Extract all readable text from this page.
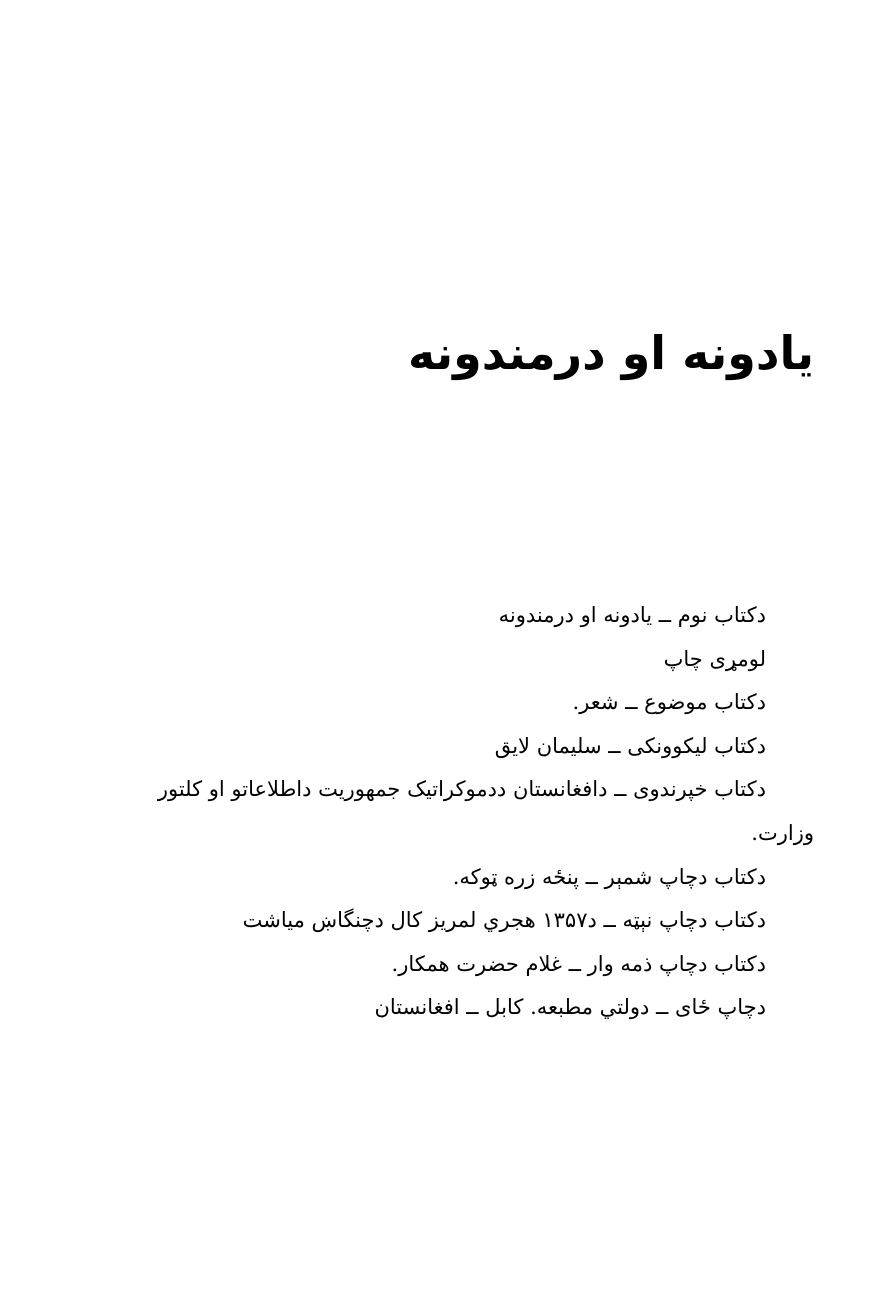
یادونه او درمندونه
دکتاب نوم ــ یادونه او درمندونه
لومړی چاپ
دکتاب موضوع ــ شعر.
دکتاب لیکوونکی ــ سلیمان لایق
دکتاب خپرندوی ــ دافغانستان ددموکراتیک جمهوریت داطلاعاتو او کلتور
وزارت.
دکتاب دچاپ شمېر ــ پنځه زره ټوکه.
دکتاب دچاپ نېټه ــ د۱۳۵۷ هجري لمریز کال دچنگاښ میاشت
دکتاب دچاپ ذمه وار ــ غلام حضرت همکار.
دچاپ ځای ــ دولتي مطبعه. کابل ــ افغانستان
